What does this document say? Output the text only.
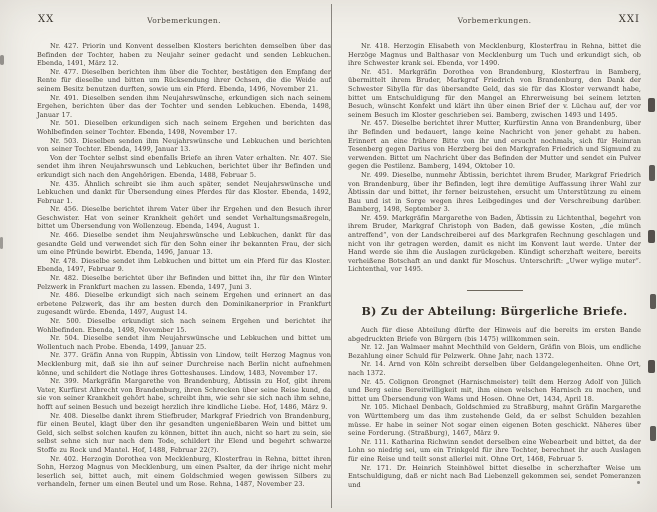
XX	Vorbemerkungen.

Nr. 427. Priorin und Konvent desselben Klosters berichten demselben über das Befinden der Tochter, haben zu Neujahr seiner gedacht und senden Lebkuchen. Ebenda, 1491, März 12.

Nr. 477. Dieselben berichten ihm über die Tochter, bestätigen den Empfang der Rente für dieselbe und bitten um Rücksendung ihrer Ochsen, die die Weide auf seinem Besitz benutzen durften, sowie um ein Pferd. Ebenda, 1496, November 21.

Nr. 491. Dieselben senden ihm Neujahrswünsche, erkundigen sich nach seinem Ergehen, berichten über das der Tochter und senden Lebkuchen. Ebenda, 1498, Januar 17.

Nr. 501. Dieselben erkundigen sich nach seinem Ergehen und berichten das Wohlbefinden seiner Tochter. Ebenda, 1498, November 17.

Nr. 503. Dieselben senden ihm Neujahrswünsche und Lebkuchen und berichten von seiner Tochter. Ebenda, 1499, Januar 13.

Von der Tochter selbst sind ebenfalls Briefe an ihren Vater erhalten. Nr. 407. Sie sendet ihm ihren Neujahrswunsch und Lebkuchen, berichtet über ihr Befinden und erkundigt sich nach den Angehörigen. Ebenda, 1488, Februar 5.

Nr. 435. Ähnlich schreibt sie ihm auch später, sendet Neujahrswünsche und Lebkuchen und dankt für Übersendung eines Pferdes für das Kloster. Ebenda, 1492, Februar 1.

Nr. 456. Dieselbe berichtet ihrem Vater über ihr Ergehen und den Besuch ihrer Geschwister. Hat von seiner Krankheit gehört und sendet Verhaltungsmaßregeln, bittet um Übersendung von Wollenzeug. Ebenda, 1494, August 1.

Nr. 466. Dieselbe sendet ihm Neujahrswünsche und Lebkuchen, dankt für das gesandte Geld und verwendet sich für den Sohn einer ihr bekannten Frau, der sich um eine Pfründe bewirbt. Ebenda, 1496, Januar 13.

Nr. 478. Dieselbe sendet ihm Lebkuchen und bittet um ein Pferd für das Kloster. Ebenda, 1497, Februar 9.

Nr. 482. Dieselbe berichtet über ihr Befinden und bittet ihn, ihr für den Winter Pelzwerk in Frankfurt machen zu lassen. Ebenda, 1497, Juni 3.

Nr. 486. Dieselbe erkundigt sich nach seinem Ergehen und erinnert an das erbetene Pelzwerk, das ihr am besten durch den Dominikanerprior in Frankfurt zugesandt würde. Ebenda, 1497, August 14.

Nr. 500. Dieselbe erkundigt sich nach seinem Ergehen und berichtet ihr Wohlbefinden. Ebenda, 1498, November 15.

Nr. 504. Dieselbe sendet ihm Neujahrswünsche und Lebkuchen und bittet um Wollentuch nach Probe. Ebenda, 1499, Januar 25.

Nr. 377. Gräfin Anna von Ruppin, Äbtissin von Lindow, teilt Herzog Magnus von Mecklenburg mit, daß sie ihn auf seiner Durchreise nach Berlin nicht aufnehmen könne, und schildert die Notlage ihres Gotteshauses. Lindow, 1483, November 17.

Nr. 399. Markgräfin Margarethe von Brandenburg, Äbtissin zu Hof, gibt ihrem Vater, Kurfürst Albrecht von Brandenburg, ihren Schrecken über seine Reise kund, da sie von seiner Krankheit gehört habe, schreibt ihm, wie sehr sie sich nach ihm sehne, hofft auf seinen Besuch und bezeigt herzlich ihre kindliche Liebe. Hof, 1486, März 9.

Nr. 408. Dieselbe dankt ihrem Stiefbruder, Markgraf Friedrich von Brandenburg, für einen Beutel, klagt über den ihr gesandten ungenießbaren Wein und bittet um Geld, sich selbst solchen kaufen zu können, bittet ihn auch, nicht so hart zu sein, sie selbst sehne sich nur nach dem Tode, schildert ihr Elend und begehrt schwarze Stoffe zu Rock und Mantel. Hof, 1488, Februar 22(?).

Nr. 402. Herzogin Dorothea von Mecklenburg, Klosterfrau in Rehna, bittet ihren Sohn, Herzog Magnus von Mecklenburg, um einen Psalter, da der ihrige nicht mehr leserlich sei, bittet auch, mit einem Goldschmied wegen gewissen Silbers zu verhandeln, ferner um einen Beutel und um Rose. Rehna, 1487, November 23.

Vorbemerkungen.	XXI

Nr. 418. Herzogin Elisabeth von Mecklenburg, Klosterfrau in Rehna, bittet die Herzöge Magnus und Balthasar von Mecklenburg um Tuch und erkundigt sich, ob ihre Schwester krank sei. Ebenda, vor 1490.

Nr. 451. Markgräfin Dorothea von Brandenburg, Klosterfrau in Bamberg, übermittelt ihrem Bruder, Markgraf Friedrich von Brandenburg, den Dank der Schwester Sibylla für das übersandte Geld, das sie für das Kloster verwandt habe, bittet um Entschuldigung für den Mangel an Ehrerweisung bei seinem letzten Besuch, wünscht Konfekt und klärt ihn über einen Brief der v. Lüchau auf, der vor seinem Besuch im Kloster geschrieben sei. Bamberg, zwischen 1493 und 1495.

Nr. 457. Dieselbe berichtet ihrer Mutter, Kurfürstin Anna von Brandenburg, über ihr Befinden und bedauert, lange keine Nachricht von jener gehabt zu haben. Erinnert an eine frühere Bitte von ihr und ersucht nochmals, sich für Heimran Tesenberg gegen Darius von Herzberg bei den Markgrafen Friedrich und Sigmund zu verwenden. Bittet um Nachricht über das Befinden der Mutter und sendet ein Pulver gegen die Pestilenz. Bamberg, 1494, Oktober 10.

Nr. 499. Dieselbe, nunmehr Äbtissin, berichtet ihrem Bruder, Markgraf Friedrich von Brandenburg, über ihr Befinden, legt ihre demütige Auffassung ihrer Wahl zur Äbtissin dar und bittet, ihr ferner beizustehen, ersucht um Unterstützung zu einem Bau und ist in Sorge wegen ihres Leibgedinges und der Verschreibung darüber. Bamberg, 1498, September 3.

Nr. 459. Markgräfin Margarethe von Baden, Äbtissin zu Lichtenthal, begehrt von ihrem Bruder, Markgraf Christoph von Baden, daß gewisse Kosten, „die münch antreffend“, von der Landschreiberei auf des Markgrafen Rechnung geschlagen und nicht von ihr getragen werden, damit es nicht im Konvent laut werde. Unter der Hand werde sie ihm die Auslagen zurückgeben. Kündigt scherzhaft weitere, bereits verheißene Botschaft an und dankt für Moschus. Unterschrift: „Uwer wylige muter“. Lichtenthal, vor 1495.

B) Zu der Abteilung: Bürgerliche Briefe.

Auch für diese Abteilung dürfte der Hinweis auf die bereits im ersten Bande abgedruckten Briefe von Bürgern (bis 1475) willkommen sein.

Nr. 12. Jan Walmaer mahnt Mechthild von Geldern, Gräfin von Blois, um endliche Bezahlung einer Schuld für Pelzwerk. Ohne Jahr, nach 1372.

Nr. 14. Arnd von Köln schreibt derselben über Geldangelegenheiten. Ohne Ort, nach 1372.

Nr. 45. Colignon Grongnet (Harnischmeister) teilt dem Herzog Adolf von Jülich und Berg seine Bereitwilligkeit mit, ihm einen welschen Harnisch zu machen, und bittet um Übersendung von Wams und Hosen. Ohne Ort, 1434, April 18.

Nr. 105. Michael Denbach, Goldschmied zu Straßburg, mahnt Gräfin Margarethe von Württemberg um das ihm zustehende Geld, da er selbst Schulden bezahlen müsse. Er habe in seiner Not sogar einen eigenen Boten geschickt. Näheres über seine Forderung. (Straßburg), 1467, März 9.

Nr. 111. Katharina Richwinn sendet derselben eine Webearbeit und bittet, da der Lohn so niedrig sei, um ein Trinkgeld für ihre Tochter, berechnet ihr auch Auslagen für eine Reise und teilt sonst allerlei mit. Ohne Ort, 1468, Februar 5.

Nr. 171. Dr. Heinrich Steinhöwel bittet dieselbe in scherzhafter Weise um Entschuldigung, daß er nicht nach Bad Liebenzell gekommen sei, sendet Pomeranzen und
